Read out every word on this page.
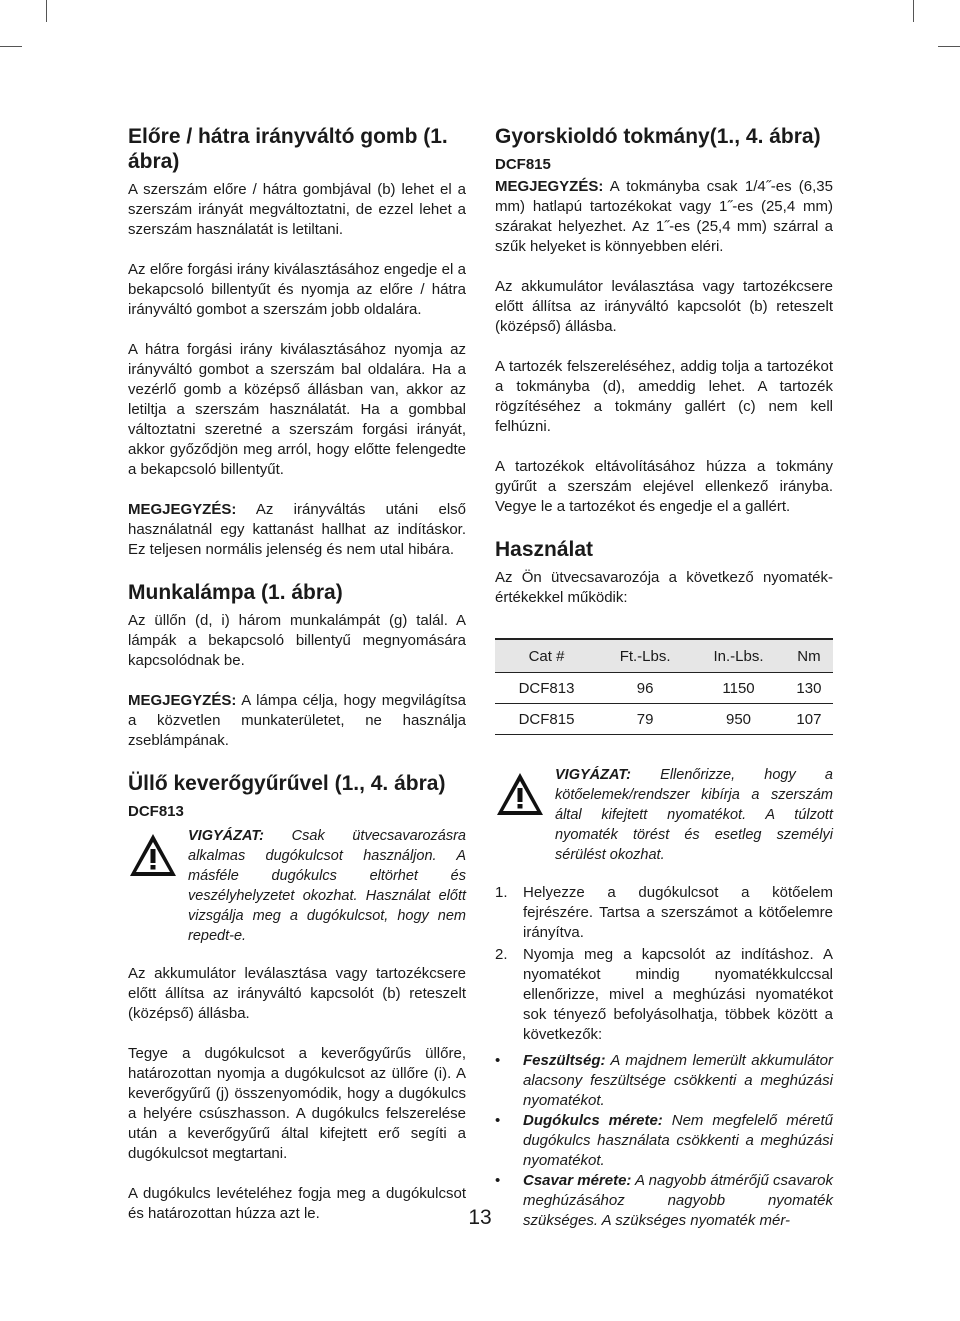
Előre / hátra irányváltó gomb (1. ábra)

A szerszám előre / hátra gombjával (b) lehet el a szerszám irányát megváltoztatni, de ezzel lehet a szerszám használatát is letiltani.

Az előre forgási irány kiválasztásához engedje el a bekapcsoló billentyűt és nyomja az előre / hátra irányváltó gombot a szerszám jobb oldalára.

A hátra forgási irány kiválasztásához nyomja az irányváltó gombot a szerszám bal oldalára. Ha a vezérlő gomb a középső állásban van, akkor az letiltja a szerszám használatát. Ha a gombbal változtatni szeretné a szerszám forgási irányát, akkor győződjön meg arról, hogy előtte felengedte a bekapcsoló billentyűt.

MEGJEGYZÉS: Az irányváltás utáni első használatnál egy kattanást hallhat az indításkor. Ez teljesen normális jelenség és nem utal hibára.

Munkalámpa (1. ábra)

Az üllőn (d, i) három munkalámpát (g) talál. A lámpák a bekapcsoló billentyű megnyomására kapcsolódnak be.

MEGJEGYZÉS: A lámpa célja, hogy megvilágítsa a közvetlen munkaterületet, ne használja zseblámpának.

Üllő keverőgyűrűvel (1., 4. ábra)
DCF813
VIGYÁZAT: Csak ütvecsavarozásra alkalmas dugókulcsot használjon. A másféle dugókulcs eltörhet és veszélyhelyzetet okozhat. Használat előtt vizsgálja meg a dugókulcsot, hogy nem repedt-e.

Az akkumulátor leválasztása vagy tartozékcsere előtt állítsa az irányváltó kapcsolót (b) reteszelt (középső) állásba.

Tegye a dugókulcsot a keverőgyűrűs üllőre, határozottan nyomja a dugókulcsot az üllőre (i). A keverőgyűrű (j) összenyomódik, hogy a dugókulcs a helyére csúszhasson. A dugókulcs felszerelése után a keverőgyűrű által kifejtett erő segíti a dugókulcsot megtartani.

A dugókulcs levételéhez fogja meg a dugókulcsot és határozottan húzza azt le.

Gyorskioldó tokmány(1., 4. ábra)
DCF815

MEGJEGYZÉS: A tokmányba csak 1/4˝-es (6,35 mm) hatlapú tartozékokat vagy 1˝-es (25,4 mm) szárakat helyezhet. Az 1˝-es (25,4 mm) szárral a szűk helyeket is könnyebben eléri.

Az akkumulátor leválasztása vagy tartozékcsere előtt állítsa az irányváltó kapcsolót (b) reteszelt (középső) állásba.

A tartozék felszereléséhez, addig tolja a tartozékot a tokmányba (d), ameddig lehet. A tartozék rögzítéséhez a tokmány gallért (c) nem kell felhúzni.

A tartozékok eltávolításához húzza a tokmány gyűrűt a szerszám elejével ellenkező irányba. Vegye le a tartozékot és engedje el a gallért.

Használat

Az Ön ütvecsavarozója a következő nyomaték-értékekkel működik:

Cat #	Ft.-Lbs.	In.-Lbs.	Nm
DCF813	96	1150	130
DCF815	79	950	107
VIGYÁZAT: Ellenőrizze, hogy a kötőelemek/rendszer kibírja a szerszám által kifejtett nyomatékot. A túlzott nyomaték törést és esetleg személyi sérülést okozhat.
1. Helyezze a dugókulcsot a kötőelem fejrészére. Tartsa a szerszámot a kötőelemre irányítva.
2. Nyomja meg a kapcsolót az indításhoz. A nyomatékot mindig nyomatékkulccsal ellenőrizze, mivel a meghúzási nyomatékot sok tényező befolyásolhatja, többek között a következők:
• Feszültség: A majdnem lemerült akkumulátor alacsony feszültsége csökkenti a meghúzási nyomatékot.
• Dugókulcs mérete: Nem megfelelő méretű dugókulcs használata csökkenti a meghúzási nyomatékot.
• Csavar mérete: A nagyobb átmérőjű csavarok meghúzásához nagyobb nyomaték szükséges. A szükséges nyomaték mér-
13
